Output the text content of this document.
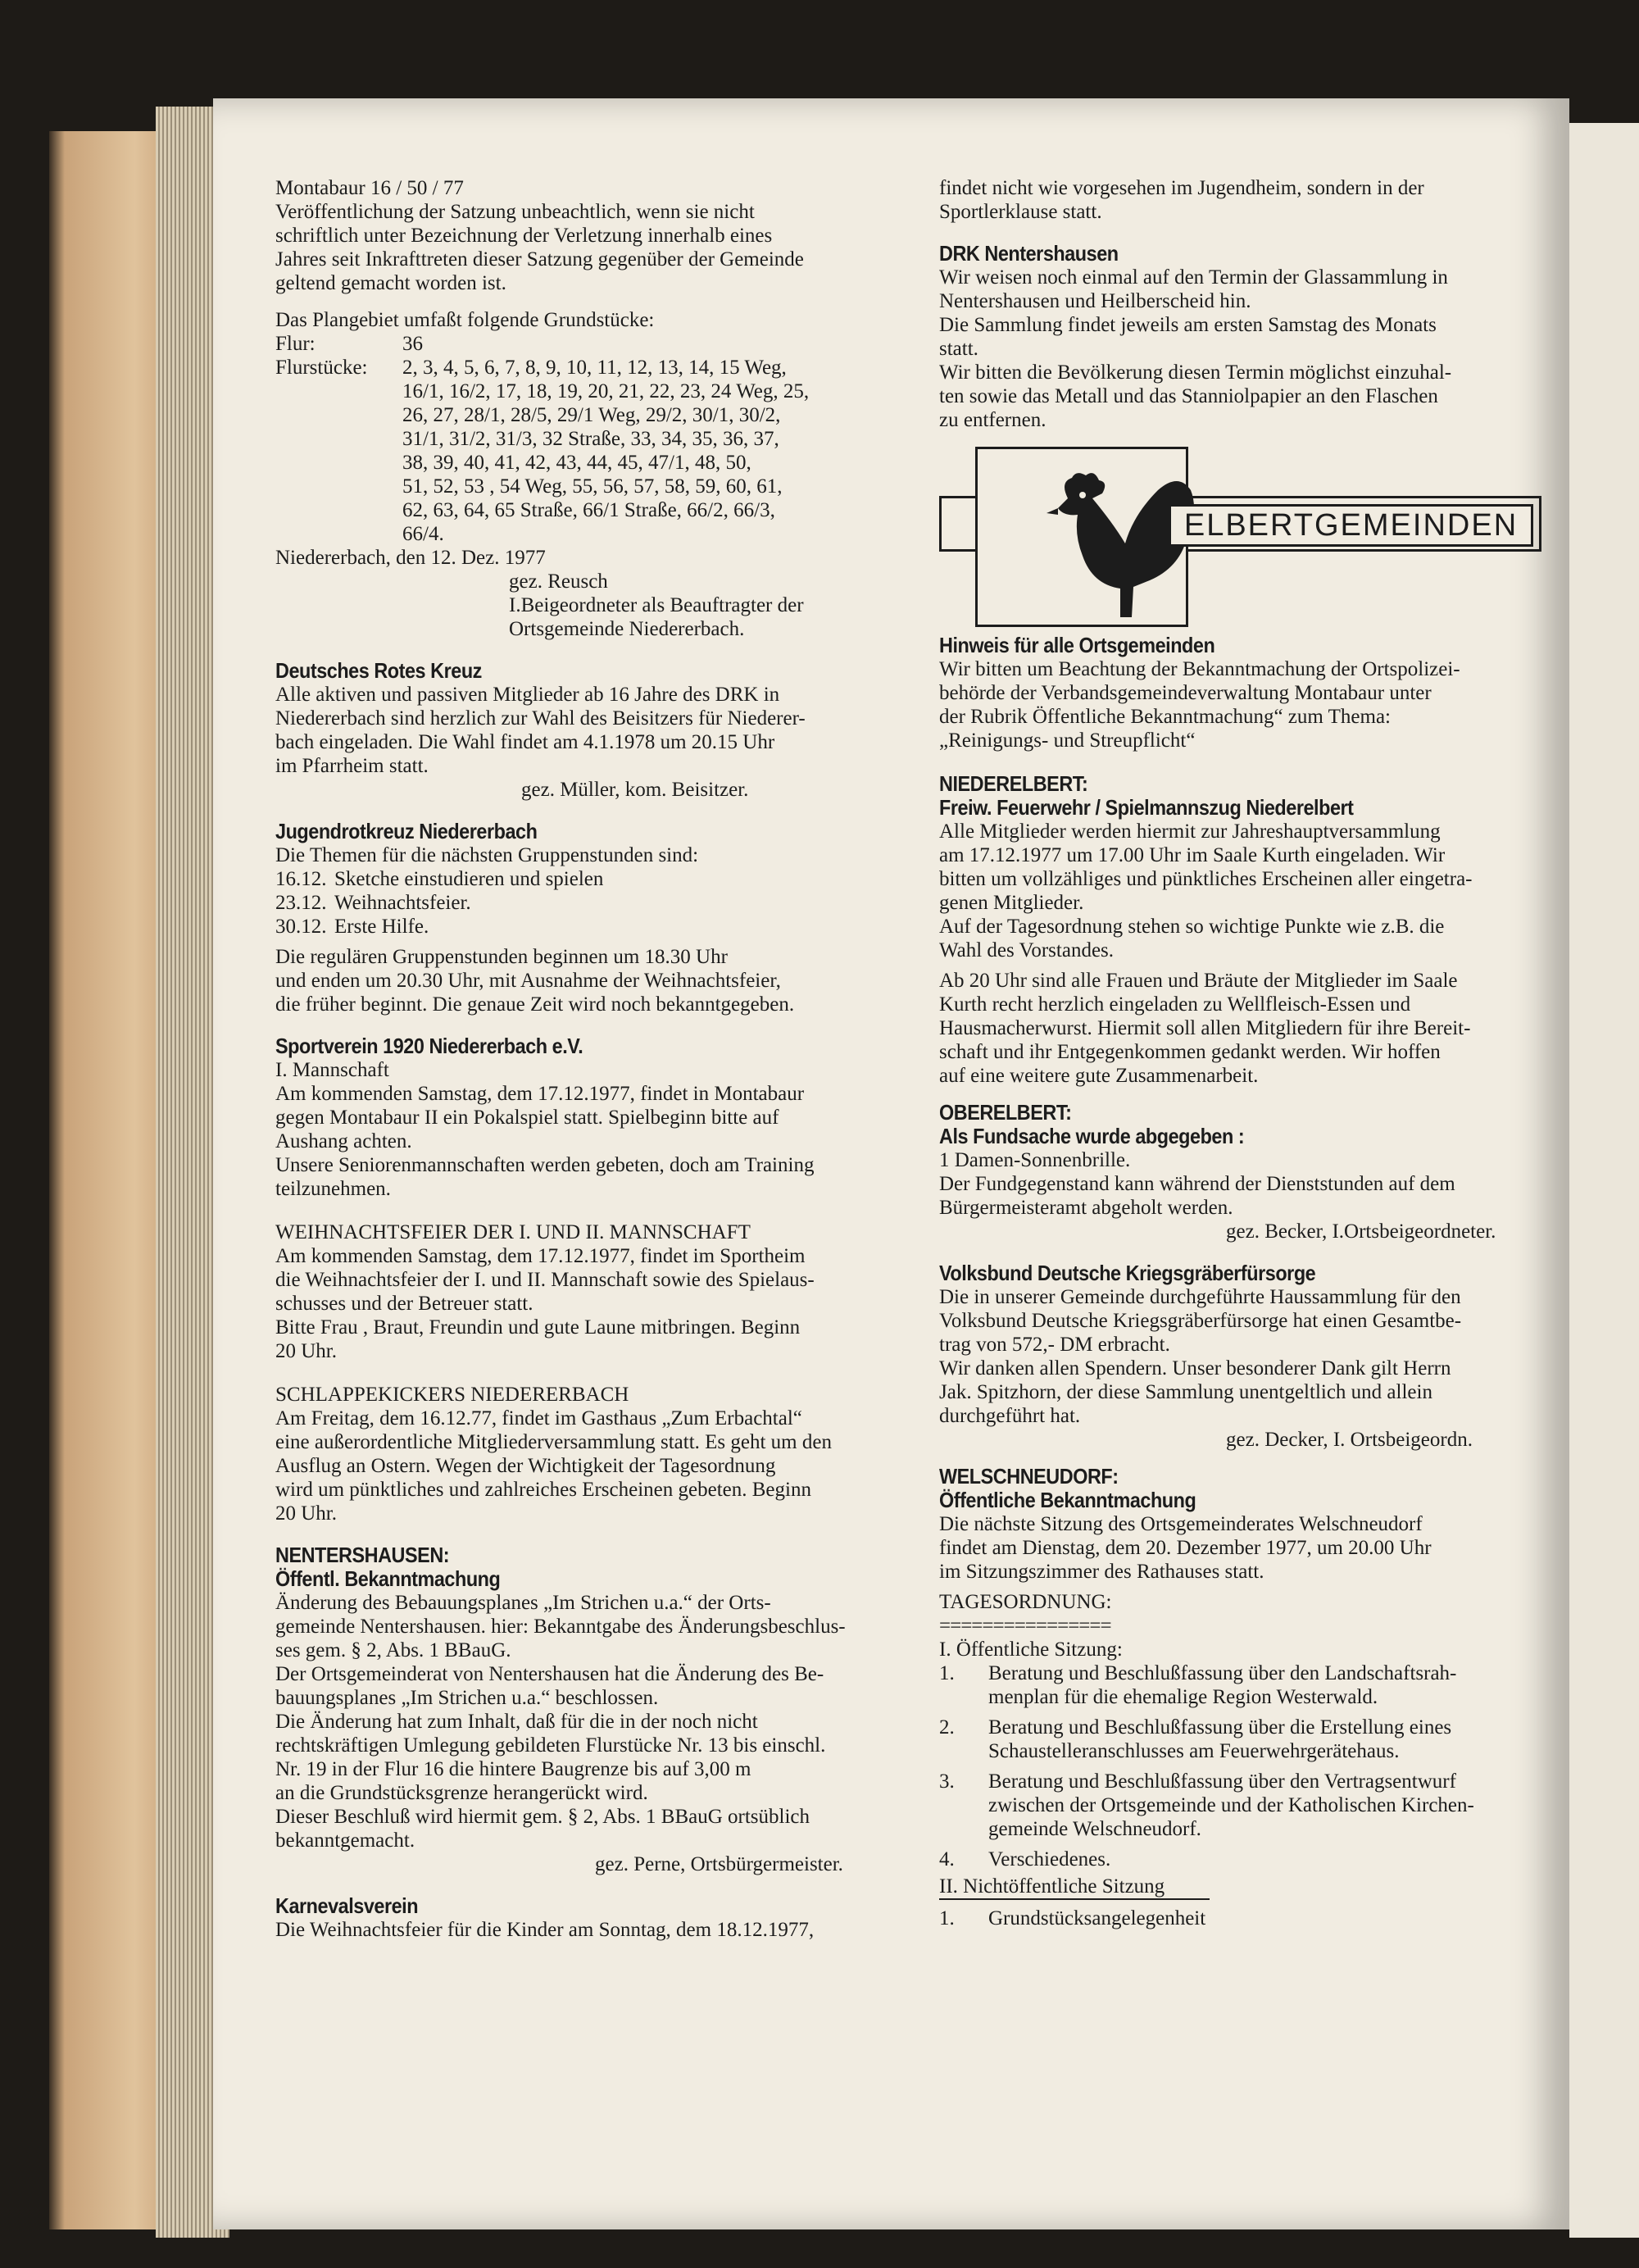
Montabaur 16 / 50 / 77

Veröffentlichung der Satzung unbeachtlich, wenn sie nicht
schriftlich unter Bezeichnung der Verletzung innerhalb eines
Jahres seit Inkrafttreten dieser Satzung gegenüber der Gemeinde
geltend gemacht worden ist.

Das Plangebiet umfaßt folgende Grundstücke:

Flur:	36
Flurstücke:	2, 3, 4, 5, 6, 7, 8, 9, 10, 11, 12, 13, 14, 15 Weg,
16/1, 16/2, 17, 18, 19, 20, 21, 22, 23, 24 Weg, 25,
26, 27, 28/1, 28/5, 29/1 Weg, 29/2, 30/1, 30/2,
31/1, 31/2, 31/3, 32 Straße, 33, 34, 35, 36, 37,
38, 39, 40, 41, 42, 43, 44, 45, 47/1, 48, 50,
51, 52, 53 , 54 Weg, 55, 56, 57, 58, 59, 60, 61,
62, 63, 64, 65 Straße, 66/1 Straße, 66/2, 66/3,
66/4.

Niedererbach, den 12. Dez. 1977

gez. Reusch
I.Beigeordneter als Beauftragter der
Ortsgemeinde Niedererbach.

Deutsches Rotes Kreuz

Alle aktiven und passiven Mitglieder ab 16 Jahre des DRK in
Niedererbach sind herzlich zur Wahl des Beisitzers für Niederer-
bach eingeladen. Die Wahl findet am 4.1.1978 um 20.15 Uhr
im Pfarrheim statt.

gez. Müller, kom. Beisitzer.

Jugendrotkreuz Niedererbach

Die Themen für die nächsten Gruppenstunden sind:

16.12. Sketche einstudieren und spielen
23.12. Weihnachtsfeier.
30.12. Erste Hilfe.

Die regulären Gruppenstunden beginnen um 18.30 Uhr
und enden um 20.30 Uhr, mit Ausnahme der Weihnachtsfeier,
die früher beginnt. Die genaue Zeit wird noch bekanntgegeben.

Sportverein 1920 Niedererbach e.V.

I. Mannschaft
Am kommenden Samstag, dem 17.12.1977, findet in Montabaur
gegen Montabaur II ein Pokalspiel statt. Spielbeginn bitte auf
Aushang achten.
Unsere Seniorenmannschaften werden gebeten, doch am Training
teilzunehmen.

WEIHNACHTSFEIER DER I. UND II. MANNSCHAFT
Am kommenden Samstag, dem 17.12.1977, findet im Sportheim
die Weihnachtsfeier der I. und II. Mannschaft sowie des Spielaus-
schusses und der Betreuer statt.
Bitte Frau , Braut, Freundin und gute Laune mitbringen. Beginn
20 Uhr.

SCHLAPPEKICKERS NIEDERERBACH
Am Freitag, dem 16.12.77, findet im Gasthaus „Zum Erbachtal“
eine außerordentliche Mitgliederversammlung statt. Es geht um den
Ausflug an Ostern. Wegen der Wichtigkeit der Tagesordnung
wird um pünktliches und zahlreiches Erscheinen gebeten. Beginn
20 Uhr.

NENTERSHAUSEN:
Öffentl. Bekanntmachung

Änderung des Bebauungsplanes „Im Strichen u.a.“ der Orts-
gemeinde Nentershausen. hier: Bekanntgabe des Änderungsbeschlus-
ses gem. § 2, Abs. 1 BBauG.
Der Ortsgemeinderat von Nentershausen hat die Änderung des Be-
bauungsplanes „Im Strichen u.a.“ beschlossen.
Die Änderung hat zum Inhalt, daß für die in der noch nicht
rechtskräftigen Umlegung gebildeten Flurstücke Nr. 13 bis einschl.
Nr. 19 in der Flur 16 die hintere Baugrenze bis auf 3,00 m
an die Grundstücksgrenze herangerückt wird.
Dieser Beschluß wird hiermit gem. § 2, Abs. 1 BBauG ortsüblich
bekanntgemacht.

gez. Perne, Ortsbürgermeister.

Karnevalsverein

Die Weihnachtsfeier für die Kinder am Sonntag, dem 18.12.1977,

findet nicht wie vorgesehen im Jugendheim, sondern in der
Sportlerklause statt.

DRK Nentershausen

Wir weisen noch einmal auf den Termin der Glassammlung in
Nentershausen und Heilberscheid hin.
Die Sammlung findet jeweils am ersten Samstag des Monats
statt.
Wir bitten die Bevölkerung diesen Termin möglichst einzuhal-
ten sowie das Metall und das Stanniolpapier an den Flaschen
zu entfernen.

ELBERTGEMEINDEN
Hinweis für alle Ortsgemeinden

Wir bitten um Beachtung der Bekanntmachung der Ortspolizei-
behörde der Verbandsgemeindeverwaltung Montabaur unter
der Rubrik Öffentliche Bekanntmachung“ zum Thema:
„Reinigungs- und Streupflicht“

NIEDERELBERT:
Freiw. Feuerwehr / Spielmannszug Niederelbert

Alle Mitglieder werden hiermit zur Jahreshauptversammlung
am 17.12.1977 um 17.00 Uhr im Saale Kurth eingeladen. Wir
bitten um vollzähliges und pünktliches Erscheinen aller eingetra-
genen Mitglieder.
Auf der Tagesordnung stehen so wichtige Punkte wie z.B. die
Wahl des Vorstandes.

Ab 20 Uhr sind alle Frauen und Bräute der Mitglieder im Saale
Kurth recht herzlich eingeladen zu Wellfleisch-Essen und
Hausmacherwurst. Hiermit soll allen Mitgliedern für ihre Bereit-
schaft und ihr Entgegenkommen gedankt werden. Wir hoffen
auf eine weitere gute Zusammenarbeit.

OBERELBERT:
Als Fundsache wurde abgegeben :

1 Damen-Sonnenbrille.
Der Fundgegenstand kann während der Dienststunden auf dem
Bürgermeisteramt abgeholt werden.

gez. Becker, I.Ortsbeigeordneter.

Volksbund Deutsche Kriegsgräberfürsorge

Die in unserer Gemeinde durchgeführte Haussammlung für den
Volksbund Deutsche Kriegsgräberfürsorge hat einen Gesamtbe-
trag von 572,- DM erbracht.
Wir danken allen Spendern. Unser besonderer Dank gilt Herrn
Jak. Spitzhorn, der diese Sammlung unentgeltlich und allein
durchgeführt hat.

gez. Decker, I. Ortsbeigeordn.

WELSCHNEUDORF:
Öffentliche Bekanntmachung

Die nächste Sitzung des Ortsgemeinderates Welschneudorf
findet am Dienstag, dem 20. Dezember 1977, um 20.00 Uhr
im Sitzungszimmer des Rathauses statt.

TAGESORDNUNG:

================

I. Öffentliche Sitzung:

1.	Beratung und Beschlußfassung über den Landschaftsrah-
menplan für die ehemalige Region Westerwald.
2.	Beratung und Beschlußfassung über die Erstellung eines
Schaustelleranschlusses am Feuerwehrgerätehaus.
3.	Beratung und Beschlußfassung über den Vertragsentwurf
zwischen der Ortsgemeinde und der Katholischen Kirchen-
gemeinde Welschneudorf.
4.	Verschiedenes.

II. Nichtöffentliche Sitzung

1.	Grundstücksangelegenheit
